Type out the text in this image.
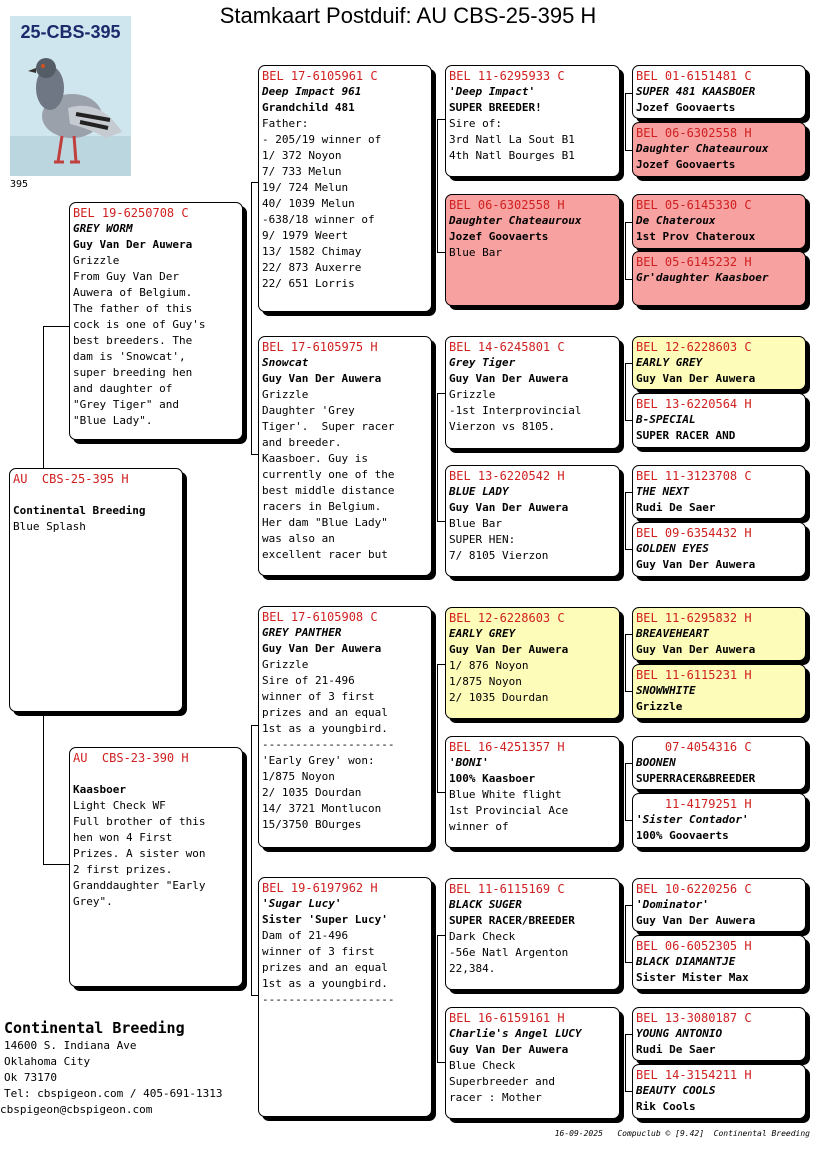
Stamkaart Postduif: AU CBS-25-395 H
25-CBS-395
395
AU  CBS-25-395 H

Continental Breeding
Blue Splash
BEL 19-6250708 C
GREY WORM
Guy Van Der Auwera
Grizzle
From Guy Van Der
Auwera of Belgium.
The father of this
cock is one of Guy's
best breeders. The
dam is 'Snowcat',
super breeding hen
and daughter of
"Grey Tiger" and
"Blue Lady".
AU  CBS-23-390 H

Kaasboer
Light Check WF
Full brother of this
hen won 4 First
Prizes. A sister won
2 first prizes.
Granddaughter "Early
Grey".
BEL 17-6105961 C
Deep Impact 961
Grandchild 481
Father:
- 205/19 winner of
1/ 372 Noyon
7/ 733 Melun
19/ 724 Melun
40/ 1039 Melun
-638/18 winner of
9/ 1979 Weert
13/ 1582 Chimay
22/ 873 Auxerre
22/ 651 Lorris
BEL 17-6105975 H
Snowcat
Guy Van Der Auwera
Grizzle
Daughter 'Grey
Tiger'.  Super racer
and breeder.
Kaasboer. Guy is
currently one of the
best middle distance
racers in Belgium.
Her dam "Blue Lady"
was also an
excellent racer but
BEL 17-6105908 C
GREY PANTHER
Guy Van Der Auwera
Grizzle
Sire of 21-496
winner of 3 first
prizes and an equal
1st as a youngbird.
--------------------
'Early Grey' won:
1/875 Noyon
2/ 1035 Dourdan
14/ 3721 Montlucon
15/3750 BOurges
BEL 19-6197962 H
'Sugar Lucy'
Sister 'Super Lucy'
Dam of 21-496
winner of 3 first
prizes and an equal
1st as a youngbird.
--------------------
BEL 11-6295933 C
'Deep Impact'
SUPER BREEDER!
Sire of:
3rd Natl La Sout B1
4th Natl Bourges B1
BEL 06-6302558 H
Daughter Chateauroux
Jozef Goovaerts
Blue Bar
BEL 14-6245801 C
Grey Tiger
Guy Van Der Auwera
Grizzle
-1st Interprovincial
Vierzon vs 8105.
BEL 13-6220542 H
BLUE LADY
Guy Van Der Auwera
Blue Bar
SUPER HEN:
7/ 8105 Vierzon
BEL 12-6228603 C
EARLY GREY
Guy Van Der Auwera
1/ 876 Noyon
1/875 Noyon
2/ 1035 Dourdan
BEL 16-4251357 H
'BONI'
100% Kaasboer
Blue White flight
1st Provincial Ace
winner of
BEL 11-6115169 C
BLACK SUGER
SUPER RACER/BREEDER
Dark Check
-56e Natl Argenton
22,384.
BEL 16-6159161 H
Charlie's Angel LUCY
Guy Van Der Auwera
Blue Check
Superbreeder and
racer : Mother
BEL 01-6151481 C
SUPER 481 KAASBOER
Jozef Goovaerts
BEL 06-6302558 H
Daughter Chateauroux
Jozef Goovaerts
BEL 05-6145330 C
De Chateroux
1st Prov Chateroux
BEL 05-6145232 H
Gr'daughter Kaasboer
BEL 12-6228603 C
EARLY GREY
Guy Van Der Auwera
BEL 13-6220564 H
B-SPECIAL
SUPER RACER AND
BEL 11-3123708 C
THE NEXT
Rudi De Saer
BEL 09-6354432 H
GOLDEN EYES
Guy Van Der Auwera
BEL 11-6295832 H
BREAVEHEART
Guy Van Der Auwera
BEL 11-6115231 H
SNOWWHITE
Grizzle
07-4054316 C
BOONEN
SUPERRACER&BREEDER
11-4179251 H
'Sister Contador'
100% Goovaerts
BEL 10-6220256 C
'Dominator'
Guy Van Der Auwera
BEL 06-6052305 H
BLACK DIAMANTJE
Sister Mister Max
BEL 13-3080187 C
YOUNG ANTONIO
Rudi De Saer
BEL 14-3154211 H
BEAUTY COOLS
Rik Cools
Continental Breeding
14600 S. Indiana Ave
Oklahoma City
Ok 73170
Tel: cbspigeon.com / 405-691-1313
cbspigeon@cbspigeon.com
16-09-2025   Compuclub © [9.42]  Continental Breeding
